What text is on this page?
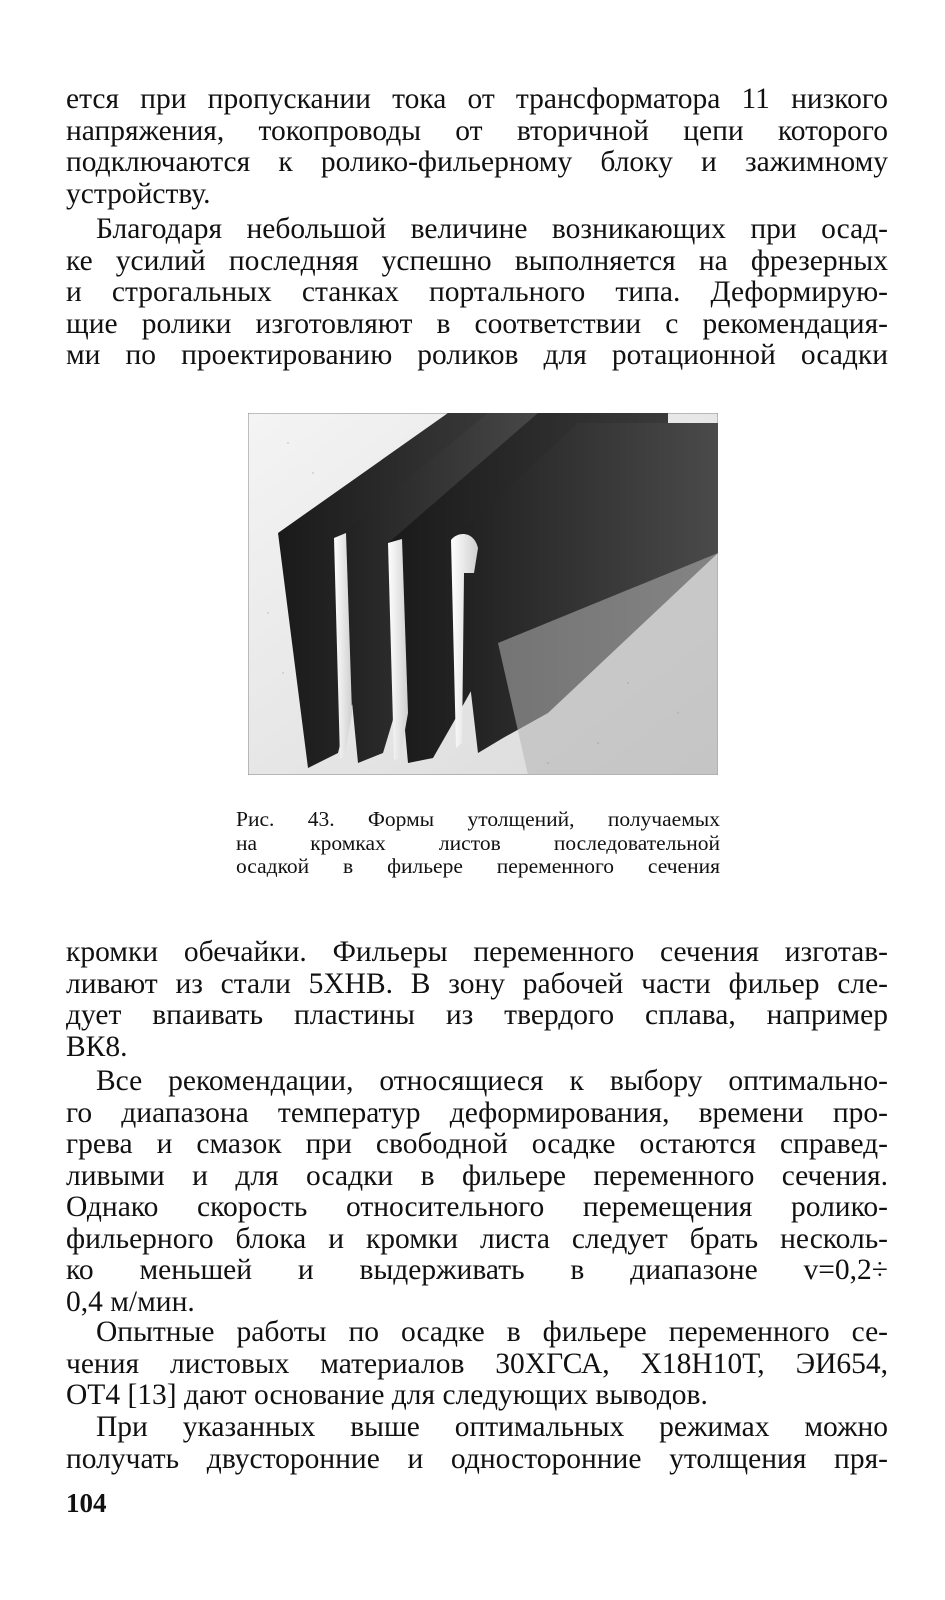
ется при пропускании тока от трансформатора 11 низкого
напряжения, токопроводы от вторичной цепи которого
подключаются к ролико-фильерному блоку и зажимному
устройству.

Благодаря небольшой величине возникающих при осад-
ке усилий последняя успешно выполняется на фрезерных
и строгальных станках портального типа. Деформирую-
щие ролики изготовляют в соответствии с рекомендация-
ми по проектированию роликов для ротационной осадки

Рис. 43. Формы утолщений, получаемых
на кромках листов последовательной
осадкой в фильере переменного сечения

кромки обечайки. Фильеры переменного сечения изготав-
ливают из стали 5ХНВ. В зону рабочей части фильер сле-
дует впаивать пластины из твердого сплава, например
ВК8.

Все рекомендации, относящиеся к выбору оптимально-
го диапазона температур деформирования, времени про-
грева и смазок при свободной осадке остаются справед-
ливыми и для осадки в фильере переменного сечения.
Однако скорость относительного перемещения ролико-
фильерного блока и кромки листа следует брать несколь-
ко меньшей и выдерживать в диапазоне v=0,2÷
0,4 м/мин.

Опытные работы по осадке в фильере переменного се-
чения листовых материалов 30ХГСА, Х18Н10Т, ЭИ654,
ОТ4 [13] дают основание для следующих выводов.

При указанных выше оптимальных режимах можно
получать двусторонние и односторонние утолщения пря-

104
